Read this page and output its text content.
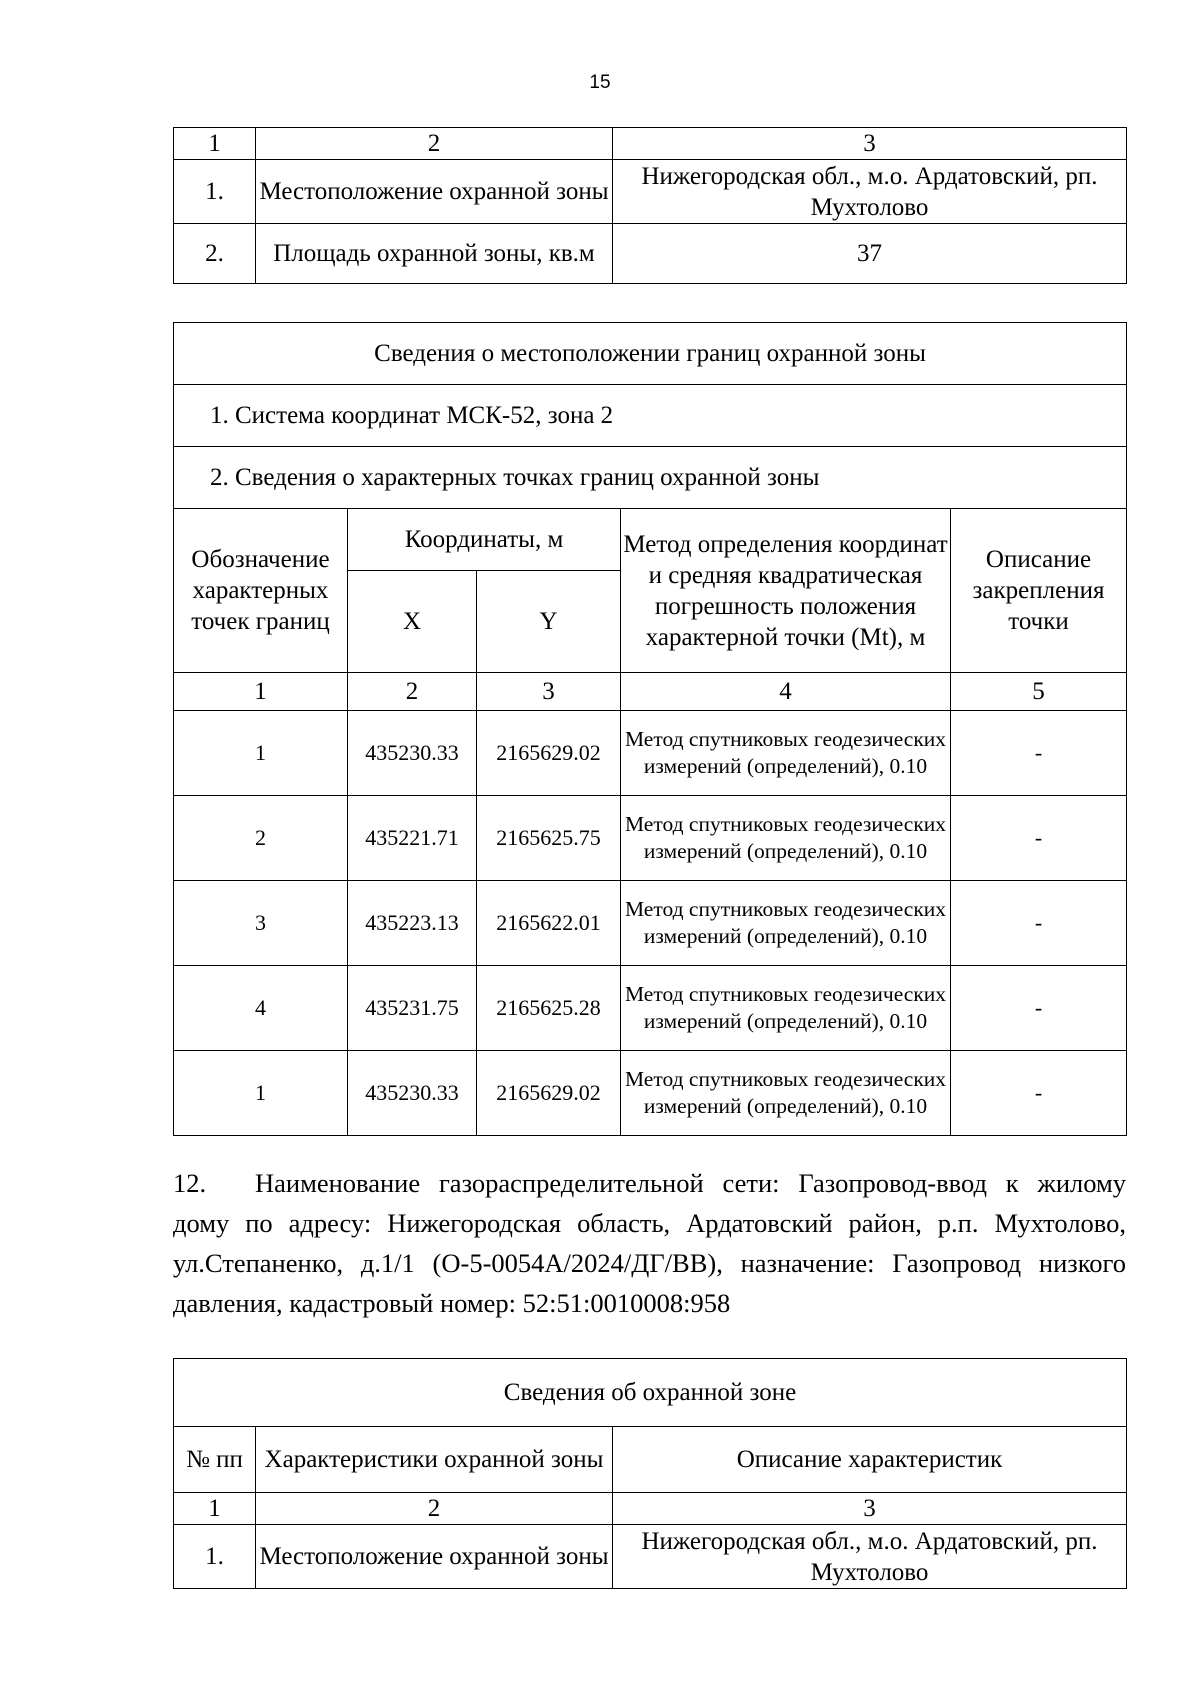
15
1	2	3
1.	Местоположение охранной зоны	Нижегородская обл., м.о. Ардатовский, рп. Мухтолово
2.	Площадь охранной зоны, кв.м	37
Сведения о местоположении границ охранной зоны				
1. Система координат МСК-52, зона 2				
2. Сведения о характерных точках границ охранной зоны				
Обозначение характерных точек границ	Координаты, м		Метод определения координат и средняя квадратическая погрешность положения характерной точки (Mt), м	Описание закрепления точки
	X	Y		
1	2	3	4	5
1	435230.33	2165629.02	Метод спутниковых геодезических измерений (определений), 0.10	-
2	435221.71	2165625.75	Метод спутниковых геодезических измерений (определений), 0.10	-
3	435223.13	2165622.01	Метод спутниковых геодезических измерений (определений), 0.10	-
4	435231.75	2165625.28	Метод спутниковых геодезических измерений (определений), 0.10	-
1	435230.33	2165629.02	Метод спутниковых геодезических измерений (определений), 0.10	-
12. Наименование газораспределительной сети: Газопровод-ввод к жилому дому по адресу: Нижегородская область, Ардатовский район, р.п. Мухтолово, ул.Степаненко, д.1/1 (О-5-0054А/2024/ДГ/ВВ), назначение: Газопровод низкого давления, кадастровый номер: 52:51:0010008:958
Сведения об охранной зоне		
№ пп	Характеристики охранной зоны	Описание характеристик
1	2	3
1.	Местоположение охранной зоны	Нижегородская обл., м.о. Ардатовский, рп. Мухтолово
